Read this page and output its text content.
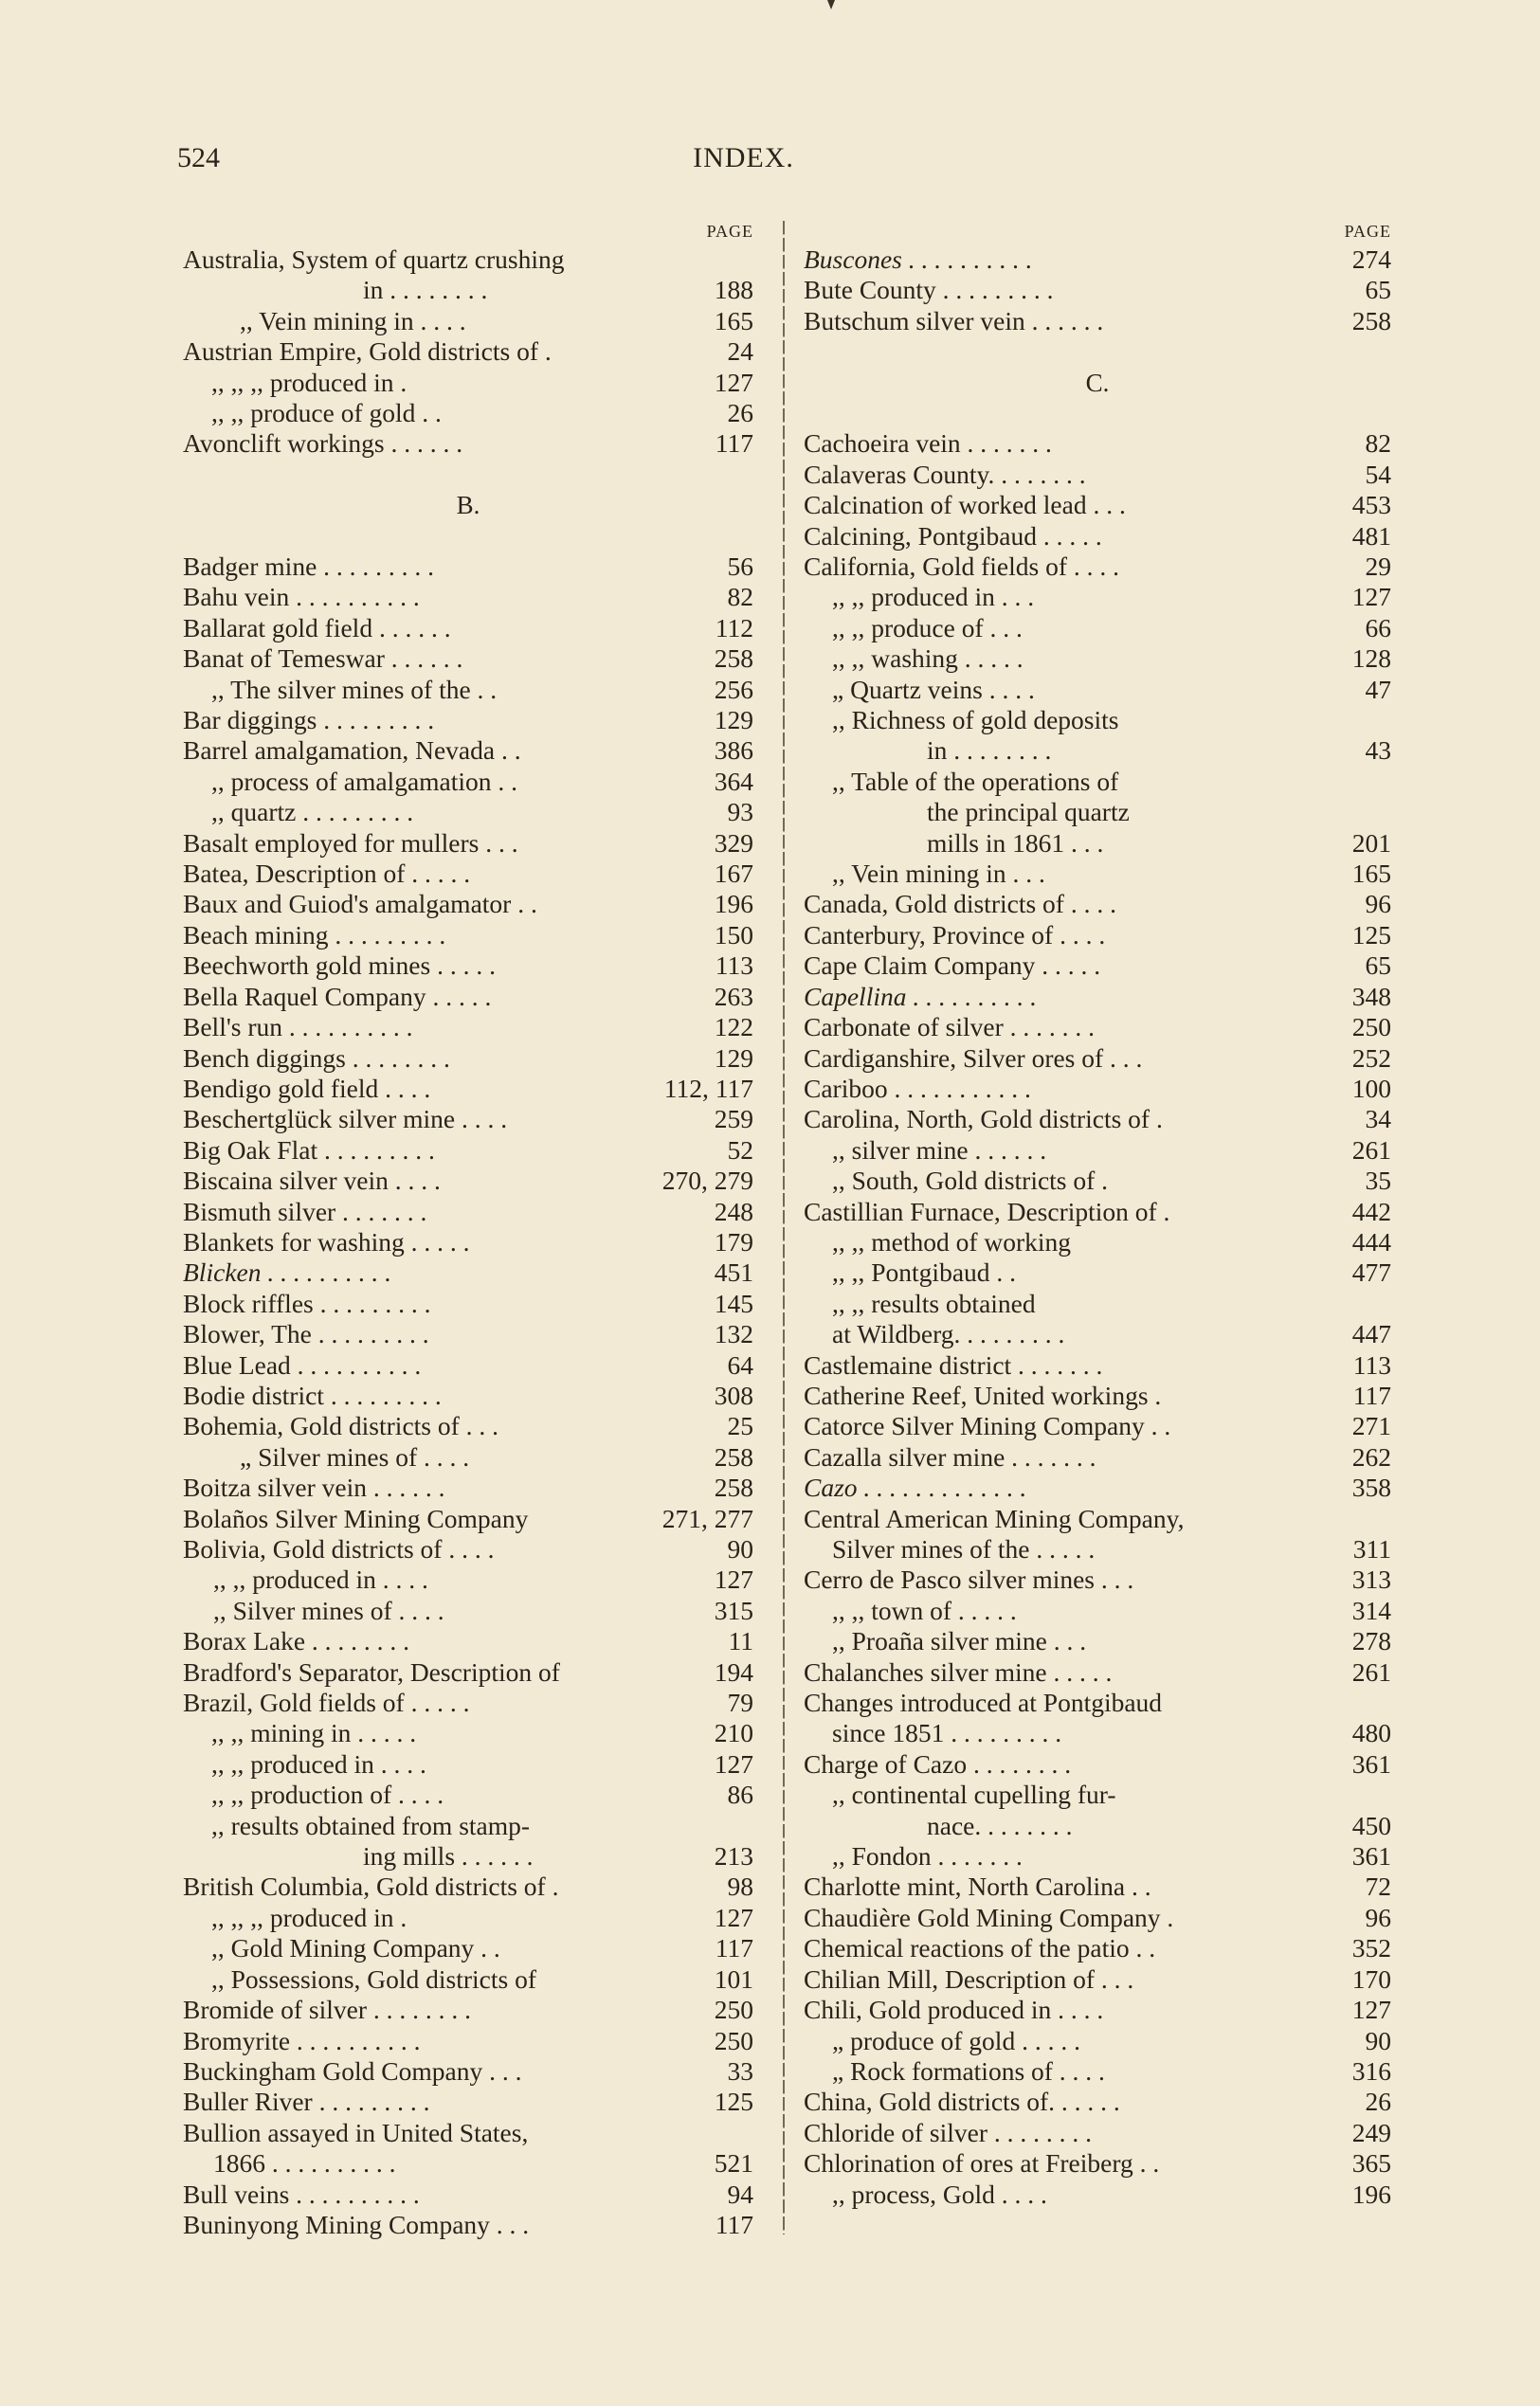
524	INDEX.
PAGE
Australia, System of quartz crushing
in . . . . . . . .	188
,, Vein mining in . . . .	165
Austrian Empire, Gold districts of .	24
,, ,, ,, produced in .	127
,, ,, produce of gold . .	26
Avonclift workings . . . . . .	117
B.
Badger mine . . . . . . . . .	56
Bahu vein . . . . . . . . . .	82
Ballarat gold field . . . . . .	112
Banat of Temeswar . . . . . .	258
,, The silver mines of the . .	256
Bar diggings . . . . . . . . .	129
Barrel amalgamation, Nevada . .	386
,, process of amalgamation . .	364
,, quartz . . . . . . . . .	93
Basalt employed for mullers . . .	329
Batea, Description of . . . . .	167
Baux and Guiod's amalgamator . .	196
Beach mining . . . . . . . . .	150
Beechworth gold mines . . . . .	113
Bella Raquel Company . . . . .	263
Bell's run . . . . . . . . . .	122
Bench diggings . . . . . . . .	129
Bendigo gold field . . . .	112, 117
Beschertglück silver mine . . . .	259
Big Oak Flat . . . . . . . . .	52
Biscaina silver vein . . . .	270, 279
Bismuth silver . . . . . . .	248
Blankets for washing . . . . .	179
Blicken . . . . . . . . . .	451
Block riffles . . . . . . . . .	145
Blower, The . . . . . . . . .	132
Blue Lead . . . . . . . . . .	64
Bodie district . . . . . . . . .	308
Bohemia, Gold districts of . . .	25
„ Silver mines of . . . .	258
Boitza silver vein . . . . . .	258
Bolaños Silver Mining Company	271, 277
Bolivia, Gold districts of . . . .	90
,, ,, produced in . . . .	127
,, Silver mines of . . . .	315
Borax Lake . . . . . . . .	11
Bradford's Separator, Description of	194
Brazil, Gold fields of . . . . .	79
,, ,, mining in . . . . .	210
,, ,, produced in . . . .	127
,, ,, production of . . . .	86
,, results obtained from stamp-
ing mills . . . . . .	213
British Columbia, Gold districts of .	98
,, ,, ,, produced in .	127
,, Gold Mining Company . .	117
,, Possessions, Gold districts of	101
Bromide of silver . . . . . . . .	250
Bromyrite . . . . . . . . . .	250
Buckingham Gold Company . . .	33
Buller River . . . . . . . . .	125
Bullion assayed in United States,
1866 . . . . . . . . . .	521
Bull veins . . . . . . . . . .	94
Buninyong Mining Company . . .	117
PAGE
Buscones . . . . . . . . . .	274
Bute County . . . . . . . . .	65
Butschum silver vein . . . . . .	258
C.
Cachoeira vein . . . . . . .	82
Calaveras County. . . . . . . .	54
Calcination of worked lead . . .	453
Calcining, Pontgibaud . . . . .	481
California, Gold fields of . . . .	29
,, ,, produced in . . .	127
,, ,, produce of . . .	66
,, ,, washing . . . . .	128
„ Quartz veins . . . .	47
,, Richness of gold deposits
in . . . . . . . .	43
,, Table of the operations of
the principal quartz
mills in 1861 . . .	201
,, Vein mining in . . .	165
Canada, Gold districts of . . . .	96
Canterbury, Province of . . . .	125
Cape Claim Company . . . . .	65
Capellina . . . . . . . . . .	348
Carbonate of silver . . . . . . .	250
Cardiganshire, Silver ores of . . .	252
Cariboo . . . . . . . . . . .	100
Carolina, North, Gold districts of .	34
,, silver mine . . . . . .	261
,, South, Gold districts of .	35
Castillian Furnace, Description of .	442
,, ,, method of working	444
,, ,, Pontgibaud . .	477
,, ,, results obtained
at Wildberg. . . . . . . . .	447
Castlemaine district . . . . . . .	113
Catherine Reef, United workings .	117
Catorce Silver Mining Company . .	271
Cazalla silver mine . . . . . . .	262
Cazo . . . . . . . . . . . . .	358
Central American Mining Company,
Silver mines of the . . . . .	311
Cerro de Pasco silver mines . . .	313
,, ,, town of . . . . .	314
,, Proaña silver mine . . .	278
Chalanches silver mine . . . . .	261
Changes introduced at Pontgibaud
since 1851 . . . . . . . . .	480
Charge of Cazo . . . . . . . .	361
,, continental cupelling fur-
nace. . . . . . . .	450
,, Fondon . . . . . . .	361
Charlotte mint, North Carolina . .	72
Chaudière Gold Mining Company .	96
Chemical reactions of the patio . .	352
Chilian Mill, Description of . . .	170
Chili, Gold produced in . . . .	127
„ produce of gold . . . . .	90
„ Rock formations of . . . .	316
China, Gold districts of. . . . . .	26
Chloride of silver . . . . . . . .	249
Chlorination of ores at Freiberg . .	365
,, process, Gold . . . .	196
